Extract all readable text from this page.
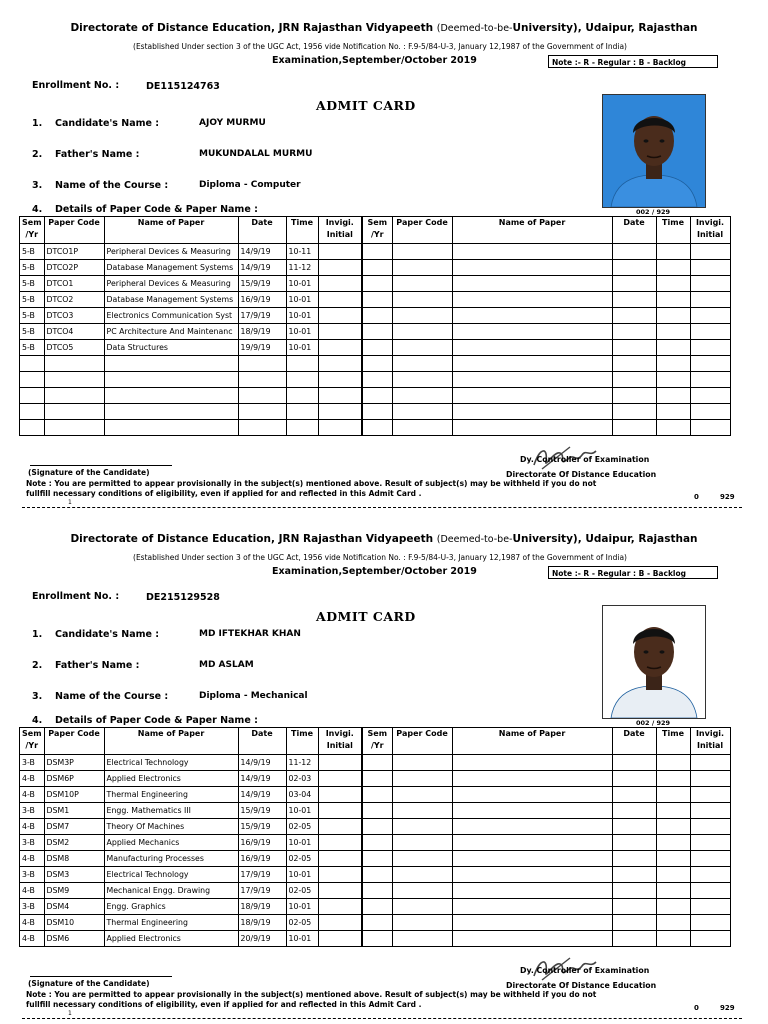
Directorate of Distance Education, JRN Rajasthan Vidyapeeth (Deemed-to-be-University), Udaipur, Rajasthan
(Established Under section 3 of the UGC Act, 1956 vide Notification No. : F.9-5/84-U-3, January 12,1987 of the Government of India)
Examination,September/October 2019	Note :- R - Regular : B - Backlog
Enrollment No. :	DE115124763
ADMIT CARD
1. Candidate's Name :	AJOY MURMU
2. Father's Name :	MUKUNDALAL MURMU
3. Name of the Course :	Diploma - Computer
4. Details of Paper Code & Paper Name :	002 / 929
Sem /Yr	Paper Code	Name of Paper	Date	Time	Invigi. Initial	Sem /Yr	Paper Code	Name of Paper	Date	Time	Invigi. Initial
5-B	DTCO1P	Peripheral Devices & Measuring	14/9/19	10-11							
5-B	DTCO2P	Database Management Systems	14/9/19	11-12							
5-B	DTCO1	Peripheral Devices & Measuring	15/9/19	10-01							
5-B	DTCO2	Database Management Systems	16/9/19	10-01							
5-B	DTCO3	Electronics Communication Syst	17/9/19	10-01							
5-B	DTCO4	PC Architecture And Maintenanc	18/9/19	10-01							
5-B	DTCO5	Data Structures	19/9/19	10-01							

Dy. Controller of Examination
Directorate Of Distance Education
(Signature of the Candidate)
Note : You are permitted to appear provisionally in the subject(s) mentioned above. Result of subject(s) may be withheld if you do not
fullfill necessary conditions of eligibility, even if applied for and reflected in this Admit Card .	0	929
1
Directorate of Distance Education, JRN Rajasthan Vidyapeeth (Deemed-to-be-University), Udaipur, Rajasthan
(Established Under section 3 of the UGC Act, 1956 vide Notification No. : F.9-5/84-U-3, January 12,1987 of the Government of India)
Examination,September/October 2019	Note :- R - Regular : B - Backlog
Enrollment No. :	DE215129528
ADMIT CARD
1. Candidate's Name :	MD IFTEKHAR KHAN
2. Father's Name :	MD ASLAM
3. Name of the Course :	Diploma - Mechanical
4. Details of Paper Code & Paper Name :	002 / 929
Sem /Yr	Paper Code	Name of Paper	Date	Time	Invigi. Initial	Sem /Yr	Paper Code	Name of Paper	Date	Time	Invigi. Initial
3-B	DSM3P	Electrical Technology	14/9/19	11-12							
4-B	DSM6P	Applied Electronics	14/9/19	02-03							
4-B	DSM10P	Thermal Engineering	14/9/19	03-04							
3-B	DSM1	Engg. Mathematics III	15/9/19	10-01							
4-B	DSM7	Theory Of Machines	15/9/19	02-05							
3-B	DSM2	Applied Mechanics	16/9/19	10-01							
4-B	DSM8	Manufacturing Processes	16/9/19	02-05							
3-B	DSM3	Electrical Technology	17/9/19	10-01							
4-B	DSM9	Mechanical Engg. Drawing	17/9/19	02-05							
3-B	DSM4	Engg. Graphics	18/9/19	10-01							
4-B	DSM10	Thermal Engineering	18/9/19	02-05							
4-B	DSM6	Applied Electronics	20/9/19	10-01							
Dy. Controller of Examination
Directorate Of Distance Education
(Signature of the Candidate)
Note : You are permitted to appear provisionally in the subject(s) mentioned above. Result of subject(s) may be withheld if you do not
fullfill necessary conditions of eligibility, even if applied for and reflected in this Admit Card .	0	929
1
